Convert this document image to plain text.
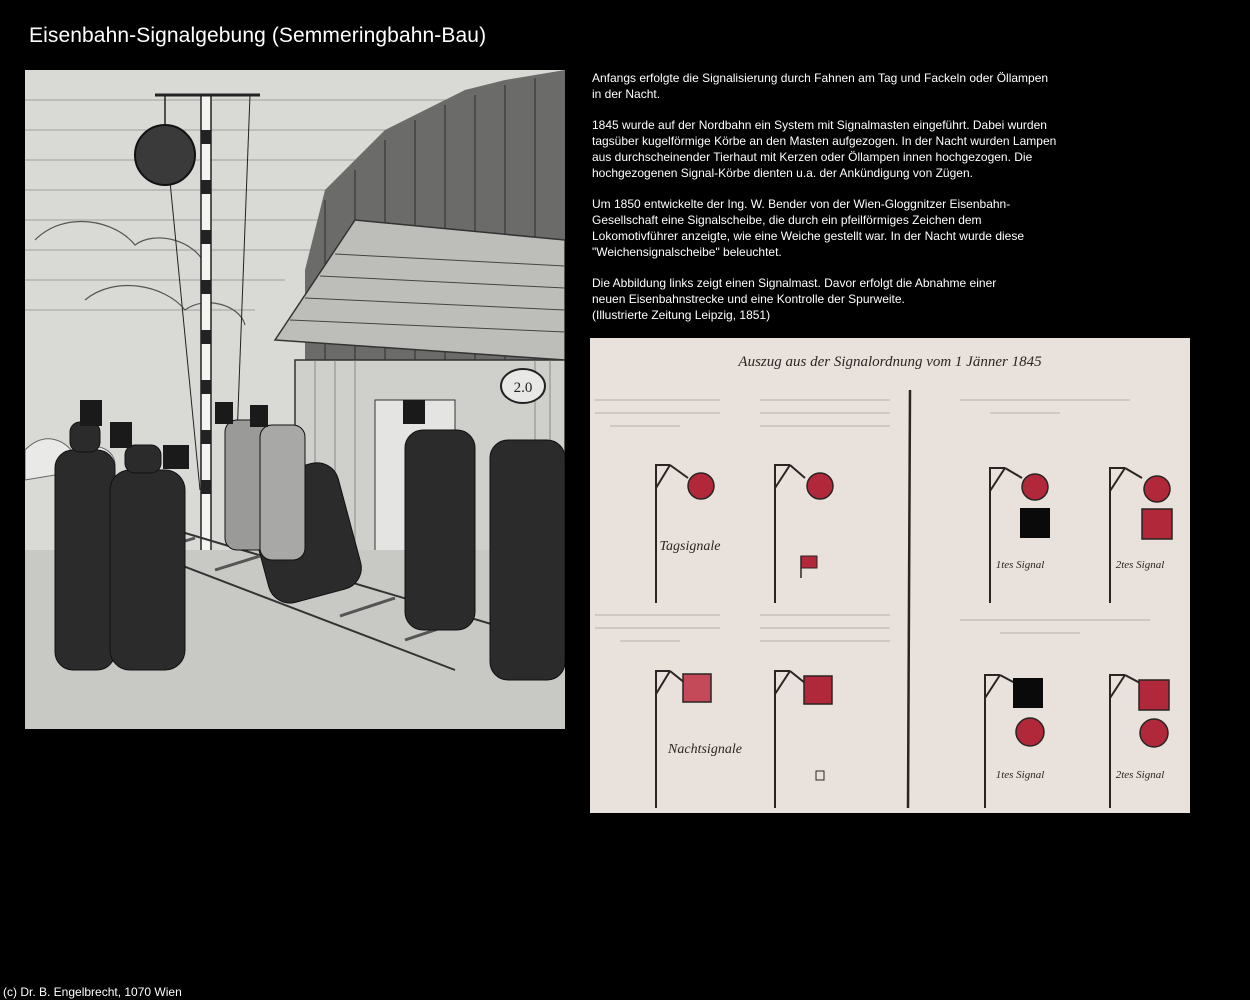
Eisenbahn-Signalgebung (Semmeringbahn-Bau)
2.0

Anfangs erfolgte die Signalisierung durch Fahnen am Tag und Fackeln oder Öllampen
in der Nacht.

1845 wurde auf der Nordbahn ein System mit Signalmasten eingeführt. Dabei wurden
tagsüber kugelförmige Körbe an den Masten aufgezogen. In der Nacht wurden Lampen
aus durchscheinender Tierhaut mit Kerzen oder Öllampen innen hochgezogen. Die
hochgezogenen Signal-Körbe dienten u.a. der Ankündigung von Zügen.

Um 1850 entwickelte der Ing. W. Bender von der Wien-Gloggnitzer Eisenbahn-
Gesellschaft eine Signalscheibe, die durch ein pfeilförmiges Zeichen dem
Lokomotivführer anzeigte, wie eine Weiche gestellt war. In der Nacht wurde diese
"Weichensignalscheibe" beleuchtet.

Die Abbildung links zeigt einen Signalmast. Davor erfolgt die Abnahme einer
neuen Eisenbahnstrecke und eine Kontrolle der Spurweite.
(Illustrierte Zeitung Leipzig, 1851)

Auszug aus der Signalordnung vom 1 Jänner 1845
Tagsignale
1tes Signal	2tes Signal
Nachtsignale
1tes Signal	2tes Signal
(c) Dr. B. Engelbrecht, 1070 Wien
